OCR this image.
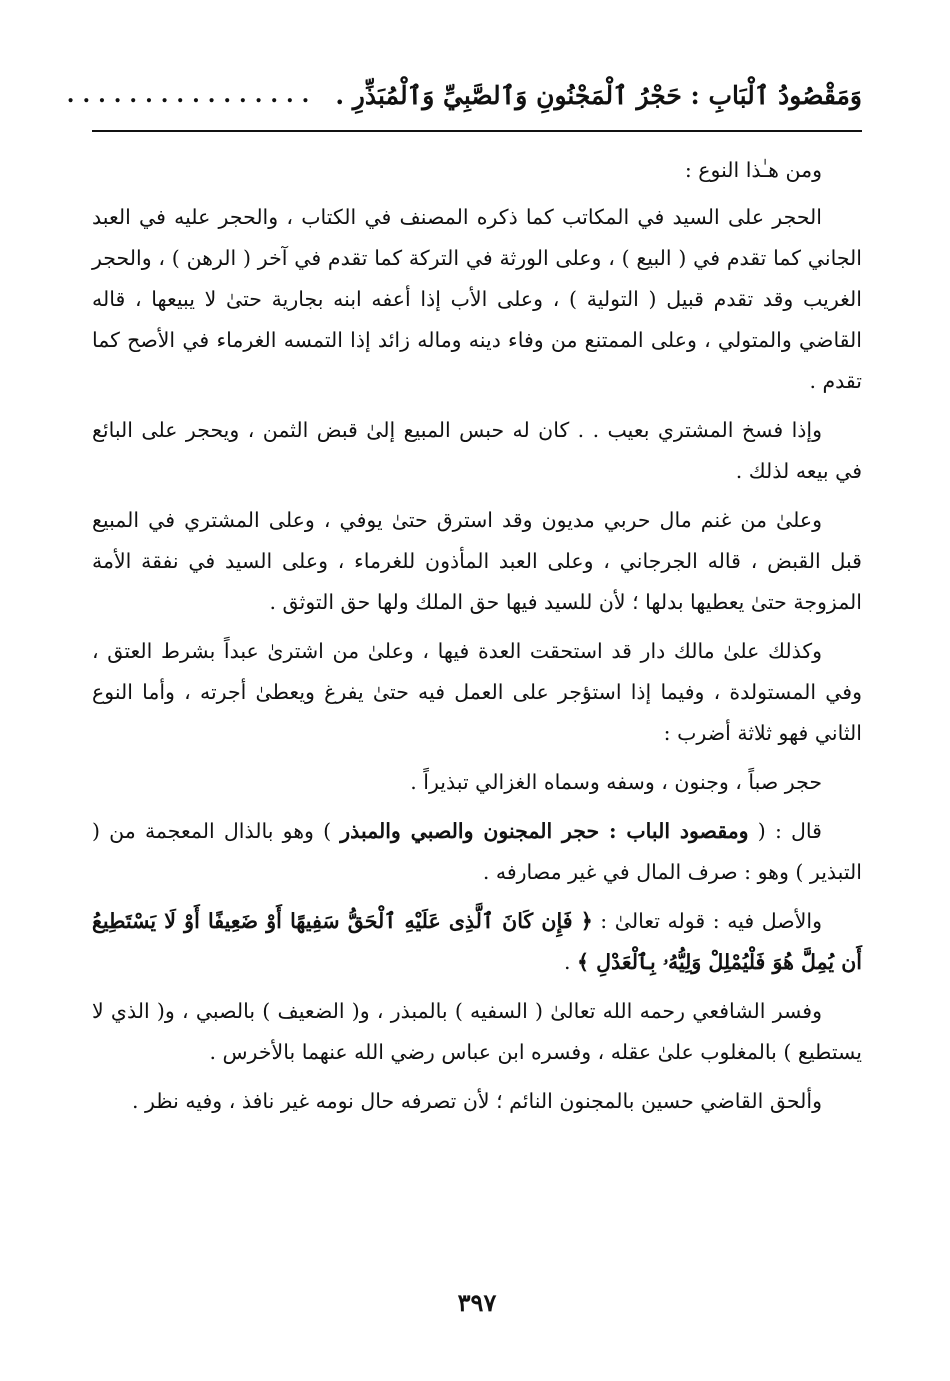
وَمَقْصُودُ ٱلْبَابِ : حَجْرُ ٱلْمَجْنُونِ وَٱلصَّبِيِّ وَٱلْمُبَذِّرِ .
................

ومن هـٰذا النوع :

الحجر على السيد في المكاتب كما ذكره المصنف في الكتاب ، والحجر عليه في العبد الجاني كما تقدم في ( البيع ) ، وعلى الورثة في التركة كما تقدم في آخر ( الرهن ) ، والحجر الغريب وقد تقدم قبيل ( التولية ) ، وعلى الأب إذا أعفه ابنه بجارية حتىٰ لا يبيعها ، قاله القاضي والمتولي ، وعلى الممتنع من وفاء دينه وماله زائد إذا التمسه الغرماء في الأصح كما تقدم .

وإذا فسخ المشتري بعيب . . كان له حبس المبيع إلىٰ قبض الثمن ، ويحجر على البائع في بيعه لذلك .

وعلىٰ من غنم مال حربي مديون وقد استرق حتىٰ يوفي ، وعلى المشتري في المبيع قبل القبض ، قاله الجرجاني ، وعلى العبد المأذون للغرماء ، وعلى السيد في نفقة الأمة المزوجة حتىٰ يعطيها بدلها ؛ لأن للسيد فيها حق الملك ولها حق التوثق .

وكذلك علىٰ مالك دار قد استحقت العدة فيها ، وعلىٰ من اشترىٰ عبداً بشرط العتق ، وفي المستولدة ، وفيما إذا استؤجر على العمل فيه حتىٰ يفرغ ويعطىٰ أجرته ، وأما النوع الثاني فهو ثلاثة أضرب :

حجر صباً ، وجنون ، وسفه وسماه الغزالي تبذيراً .

قال : ( ومقصود الباب : حجر المجنون والصبي والمبذر ) وهو بالذال المعجمة من ( التبذير ) وهو : صرف المال في غير مصارفه .

والأصل فيه : قوله تعالىٰ : ﴿ فَإِن كَانَ ٱلَّذِى عَلَيْهِ ٱلْحَقُّ سَفِيهًا أَوْ ضَعِيفًا أَوْ لَا يَسْتَطِيعُ أَن يُمِلَّ هُوَ فَلْيُمْلِلْ وَلِيُّهُۥ بِٱلْعَدْلِ ﴾ .

وفسر الشافعي رحمه الله تعالىٰ ( السفيه ) بالمبذر ، و( الضعيف ) بالصبي ، و( الذي لا يستطيع ) بالمغلوب علىٰ عقله ، وفسره ابن عباس رضي الله عنهما بالأخرس .

وألحق القاضي حسين بالمجنون النائم ؛ لأن تصرفه حال نومه غير نافذ ، وفيه نظر .

٣٩٧
